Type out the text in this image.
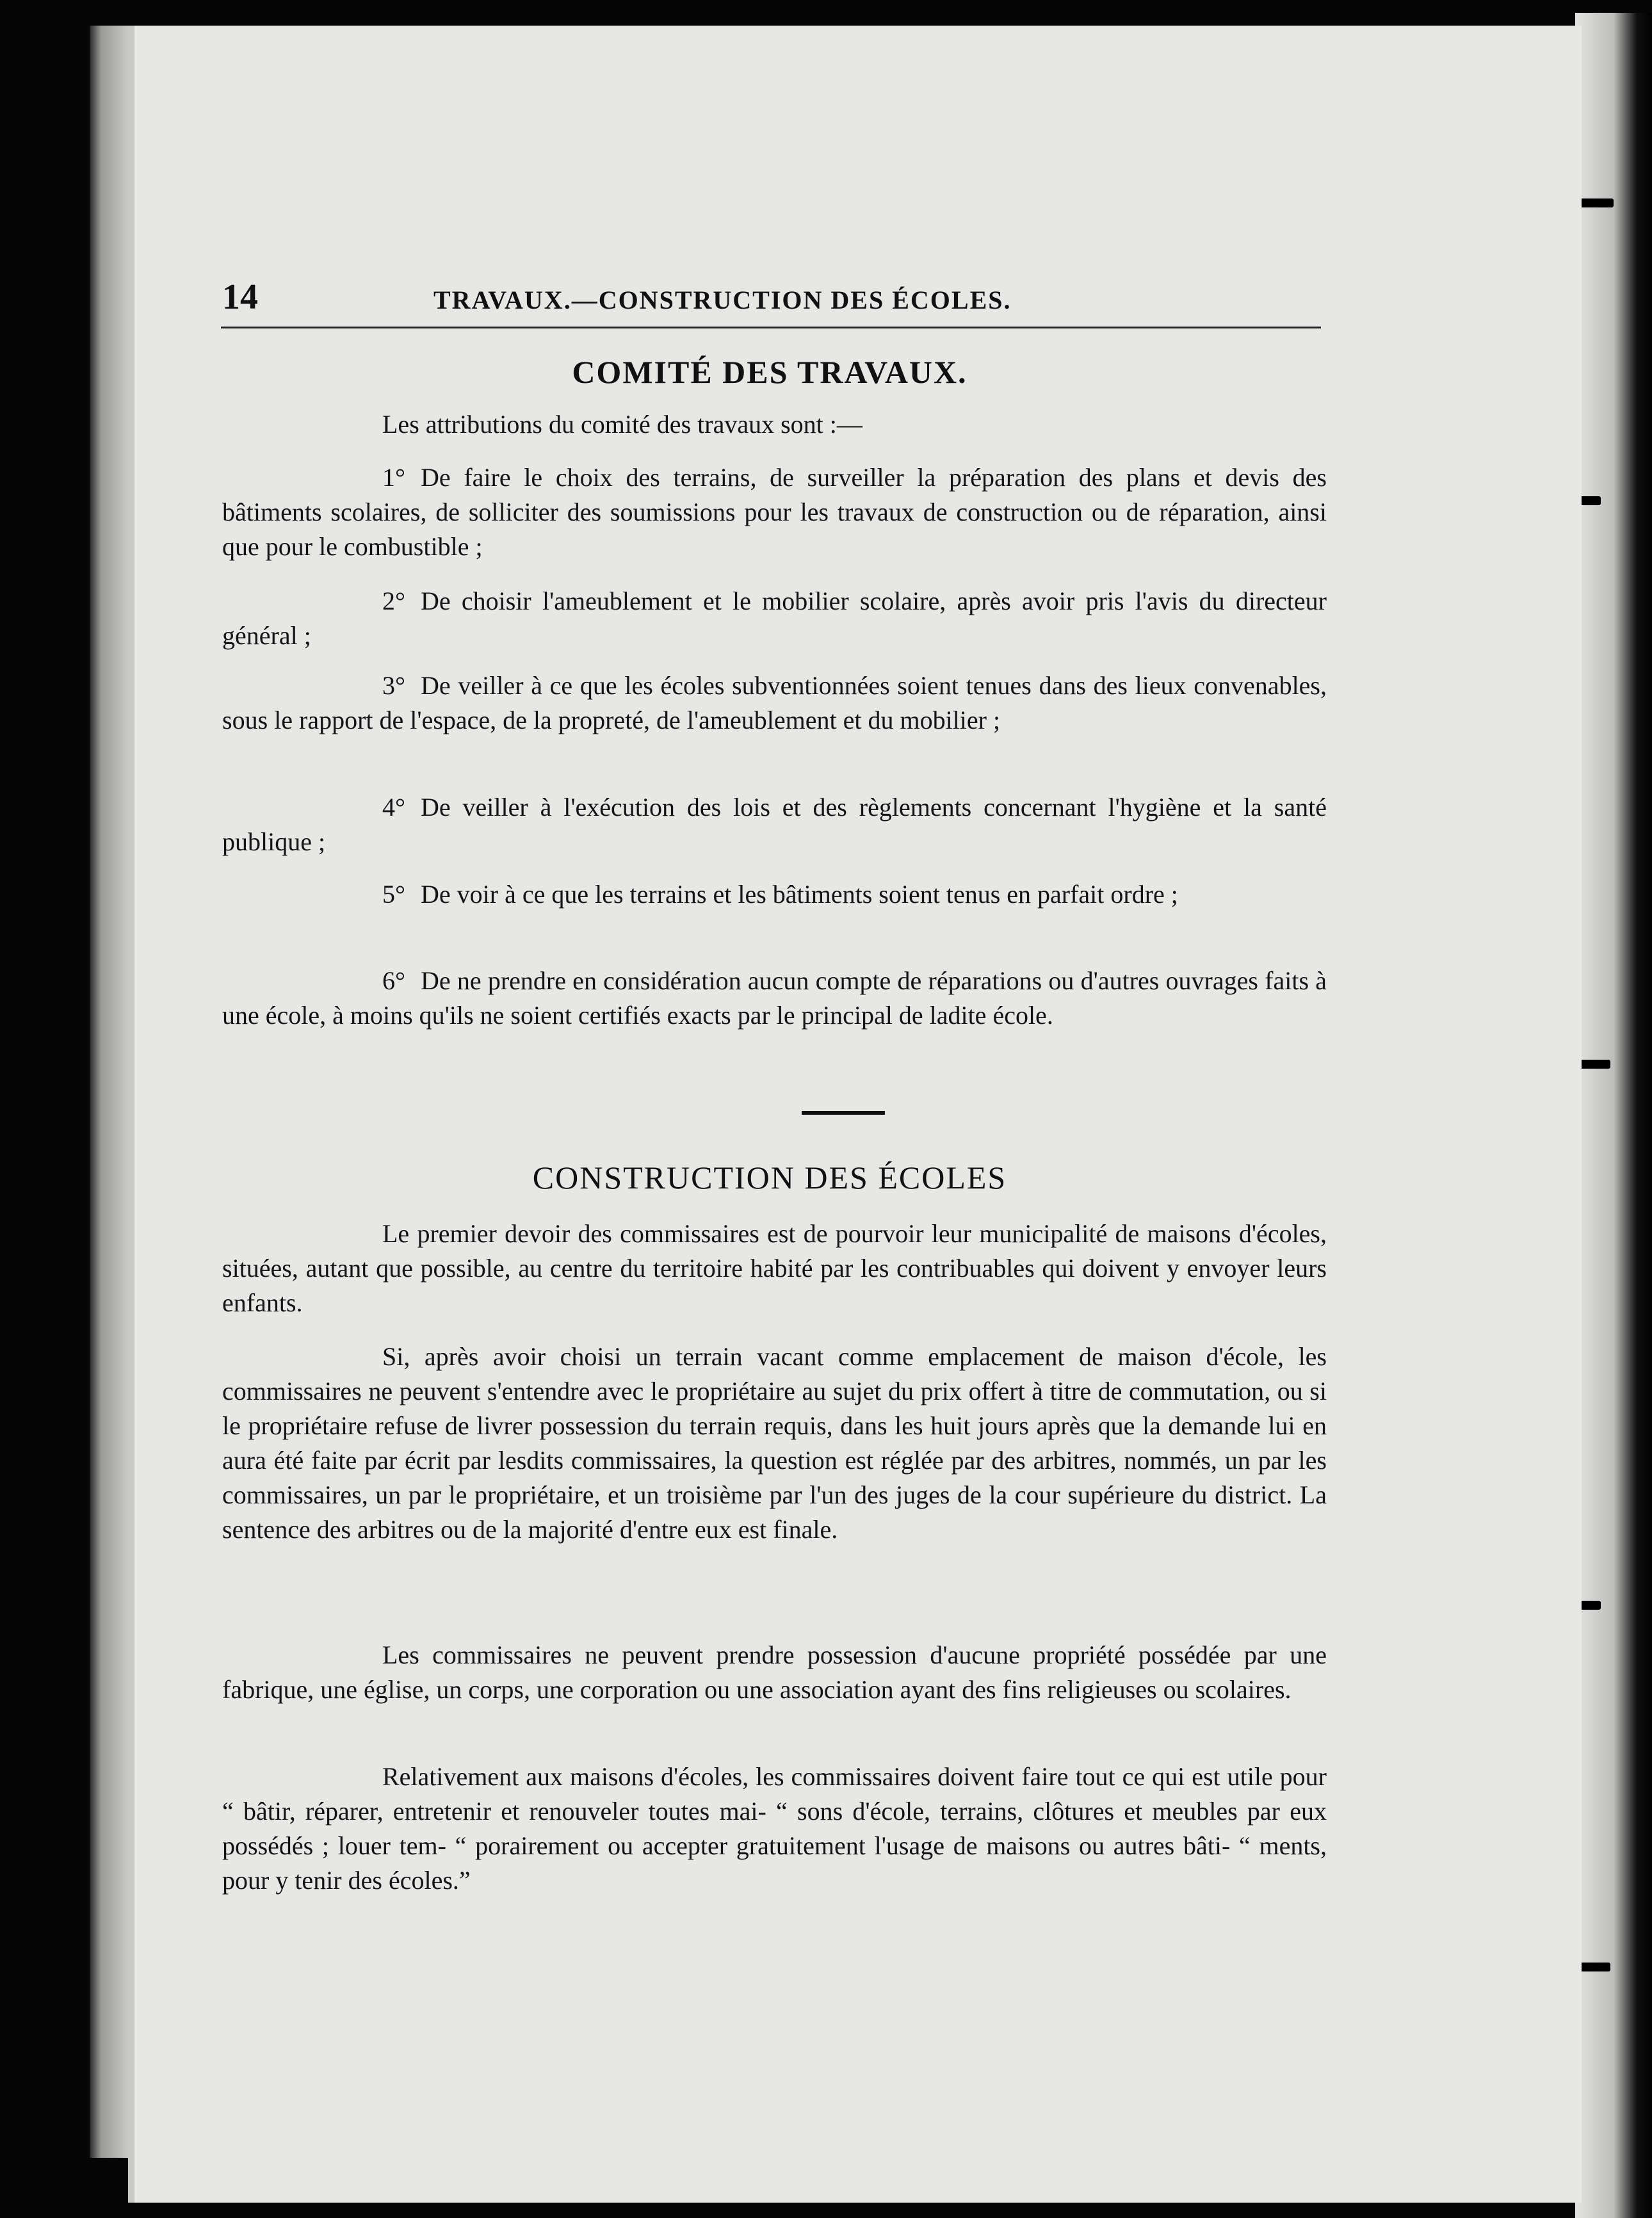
14	TRAVAUX.—CONSTRUCTION DES ÉCOLES.
COMITÉ DES TRAVAUX.

Les attributions du comité des travaux sont :—

1° De faire le choix des terrains, de surveiller la préparation des plans et devis des bâtiments scolaires, de solliciter des soumissions pour les travaux de construction ou de réparation, ainsi que pour le combustible ;

2° De choisir l'ameublement et le mobilier scolaire, après avoir pris l'avis du directeur général ;

3° De veiller à ce que les écoles subventionnées soient tenues dans des lieux convenables, sous le rapport de l'espace, de la propreté, de l'ameublement et du mobilier ;

4° De veiller à l'exécution des lois et des règlements concernant l'hygiène et la santé publique ;

5° De voir à ce que les terrains et les bâtiments soient tenus en parfait ordre ;

6° De ne prendre en considération aucun compte de réparations ou d'autres ouvrages faits à une école, à moins qu'ils ne soient certifiés exacts par le principal de ladite école.

CONSTRUCTION DES ÉCOLES

Le premier devoir des commissaires est de pourvoir leur municipalité de maisons d'écoles, situées, autant que possible, au centre du territoire habité par les contribuables qui doivent y envoyer leurs enfants.

Si, après avoir choisi un terrain vacant comme emplacement de maison d'école, les commissaires ne peuvent s'entendre avec le propriétaire au sujet du prix offert à titre de commutation, ou si le propriétaire refuse de livrer possession du terrain requis, dans les huit jours après que la demande lui en aura été faite par écrit par lesdits commissaires, la question est réglée par des arbitres, nommés, un par les commissaires, un par le propriétaire, et un troisième par l'un des juges de la cour supérieure du district. La sentence des arbitres ou de la majorité d'entre eux est finale.

Les commissaires ne peuvent prendre possession d'aucune propriété possédée par une fabrique, une église, un corps, une corporation ou une association ayant des fins religieuses ou scolaires.

Relativement aux maisons d'écoles, les commissaires doivent faire tout ce qui est utile pour “ bâtir, réparer, entretenir et renouveler toutes mai- “ sons d'école, terrains, clôtures et meubles par eux possédés ; louer tem- “ porairement ou accepter gratuitement l'usage de maisons ou autres bâti- “ ments, pour y tenir des écoles.”
